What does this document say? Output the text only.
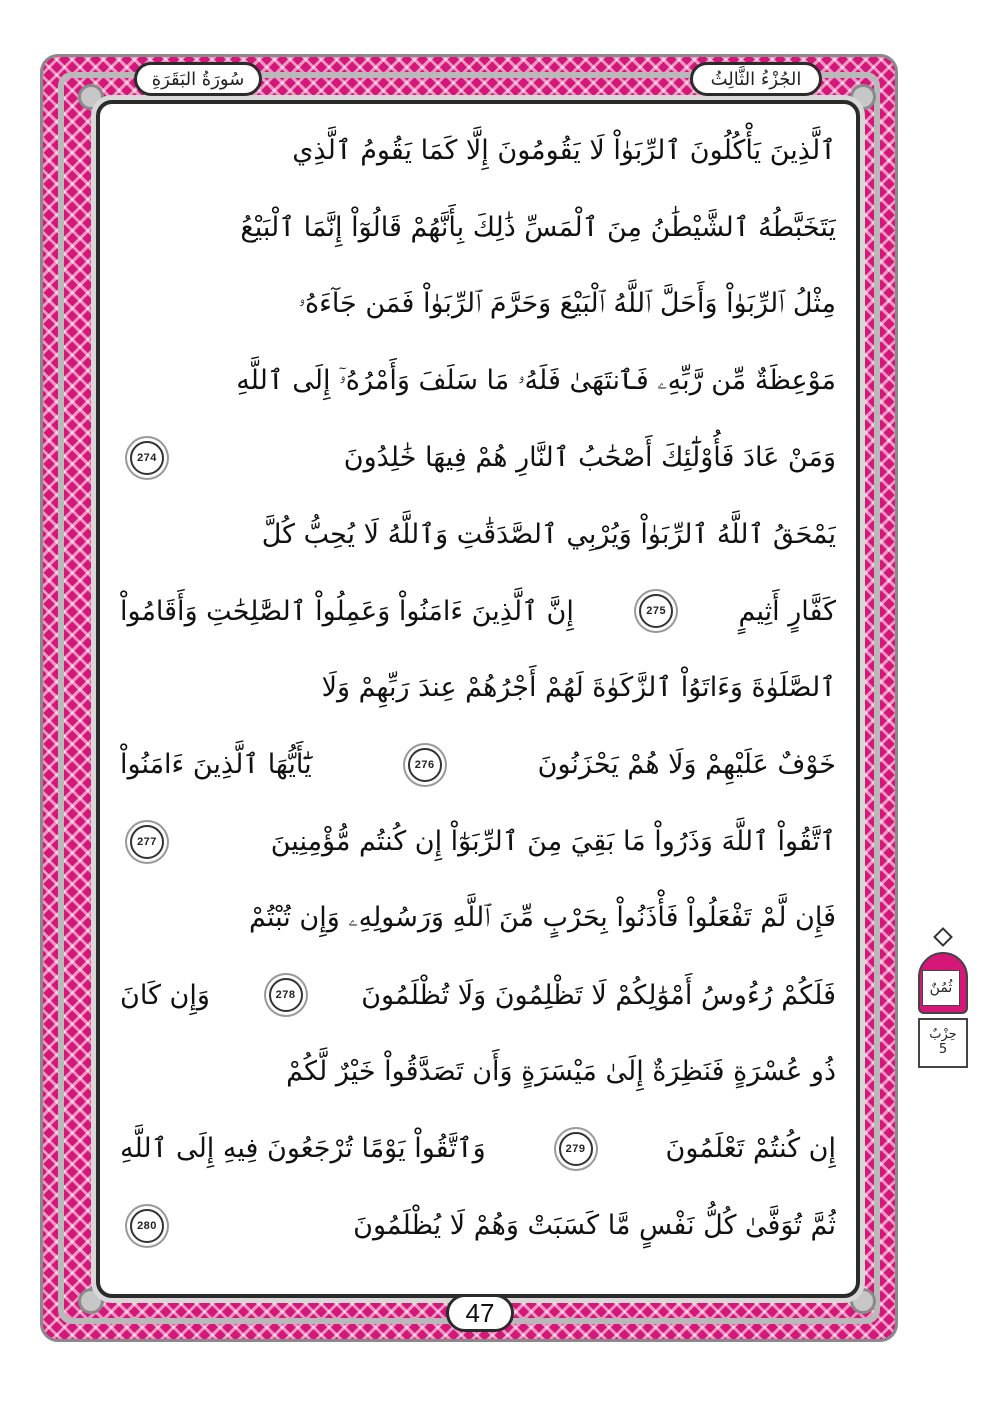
الجُزْءُ الثَّالِثُ
سُورَةُ البَقَرَةِ
ٱلَّذِينَ يَأْكُلُونَ ٱلرِّبَوٰاْ لَا يَقُومُونَ إِلَّا كَمَا يَقُومُ ٱلَّذِي
يَتَخَبَّطُهُ ٱلشَّيْطَٰنُ مِنَ ٱلْمَسِّ ذَٰلِكَ بِأَنَّهُمْ قَالُوٓاْ إِنَّمَا ٱلْبَيْعُ
مِثْلُ ٱلرِّبَوٰاْ وَأَحَلَّ ٱللَّهُ ٱلْبَيْعَ وَحَرَّمَ ٱلرِّبَوٰاْ فَمَن جَآءَهُۥ
مَوْعِظَةٌ مِّن رَّبِّهِۦ فَٱنتَهَىٰ فَلَهُۥ مَا سَلَفَ وَأَمْرُهُۥٓ إِلَى ٱللَّهِ
وَمَنْ عَادَ فَأُوْلَٰٓئِكَ أَصْحَٰبُ ٱلنَّارِ هُمْ فِيهَا خَٰلِدُونَ
274
يَمْحَقُ ٱللَّهُ ٱلرِّبَوٰاْ وَيُرْبِي ٱلصَّدَقَٰتِ وَٱللَّهُ لَا يُحِبُّ كُلَّ
كَفَّارٍ أَثِيمٍ
275
إِنَّ ٱلَّذِينَ ءَامَنُواْ وَعَمِلُواْ ٱلصَّٰلِحَٰتِ وَأَقَامُواْ
ٱلصَّلَوٰةَ وَءَاتَوُاْ ٱلزَّكَوٰةَ لَهُمْ أَجْرُهُمْ عِندَ رَبِّهِمْ وَلَا
خَوْفٌ عَلَيْهِمْ وَلَا هُمْ يَحْزَنُونَ
276
يَٰٓأَيُّهَا ٱلَّذِينَ ءَامَنُواْ
ٱتَّقُواْ ٱللَّهَ وَذَرُواْ مَا بَقِيَ مِنَ ٱلرِّبَوٰٓاْ إِن كُنتُم مُّؤْمِنِينَ
277
فَإِن لَّمْ تَفْعَلُواْ فَأْذَنُواْ بِحَرْبٍ مِّنَ ٱللَّهِ وَرَسُولِهِۦ وَإِن تُبْتُمْ
فَلَكُمْ رُءُوسُ أَمْوَٰلِكُمْ لَا تَظْلِمُونَ وَلَا تُظْلَمُونَ
278
وَإِن كَانَ
ذُو عُسْرَةٍ فَنَظِرَةٌ إِلَىٰ مَيْسَرَةٍ وَأَن تَصَدَّقُواْ خَيْرٌ لَّكُمْ
إِن كُنتُمْ تَعْلَمُونَ
279
وَٱتَّقُواْ يَوْمًا تُرْجَعُونَ فِيهِ إِلَى ٱللَّهِ
ثُمَّ تُوَفَّىٰ كُلُّ نَفْسٍ مَّا كَسَبَتْ وَهُمْ لَا يُظْلَمُونَ
280
ثُمُنٌ
حِزْبٌ
5
47
